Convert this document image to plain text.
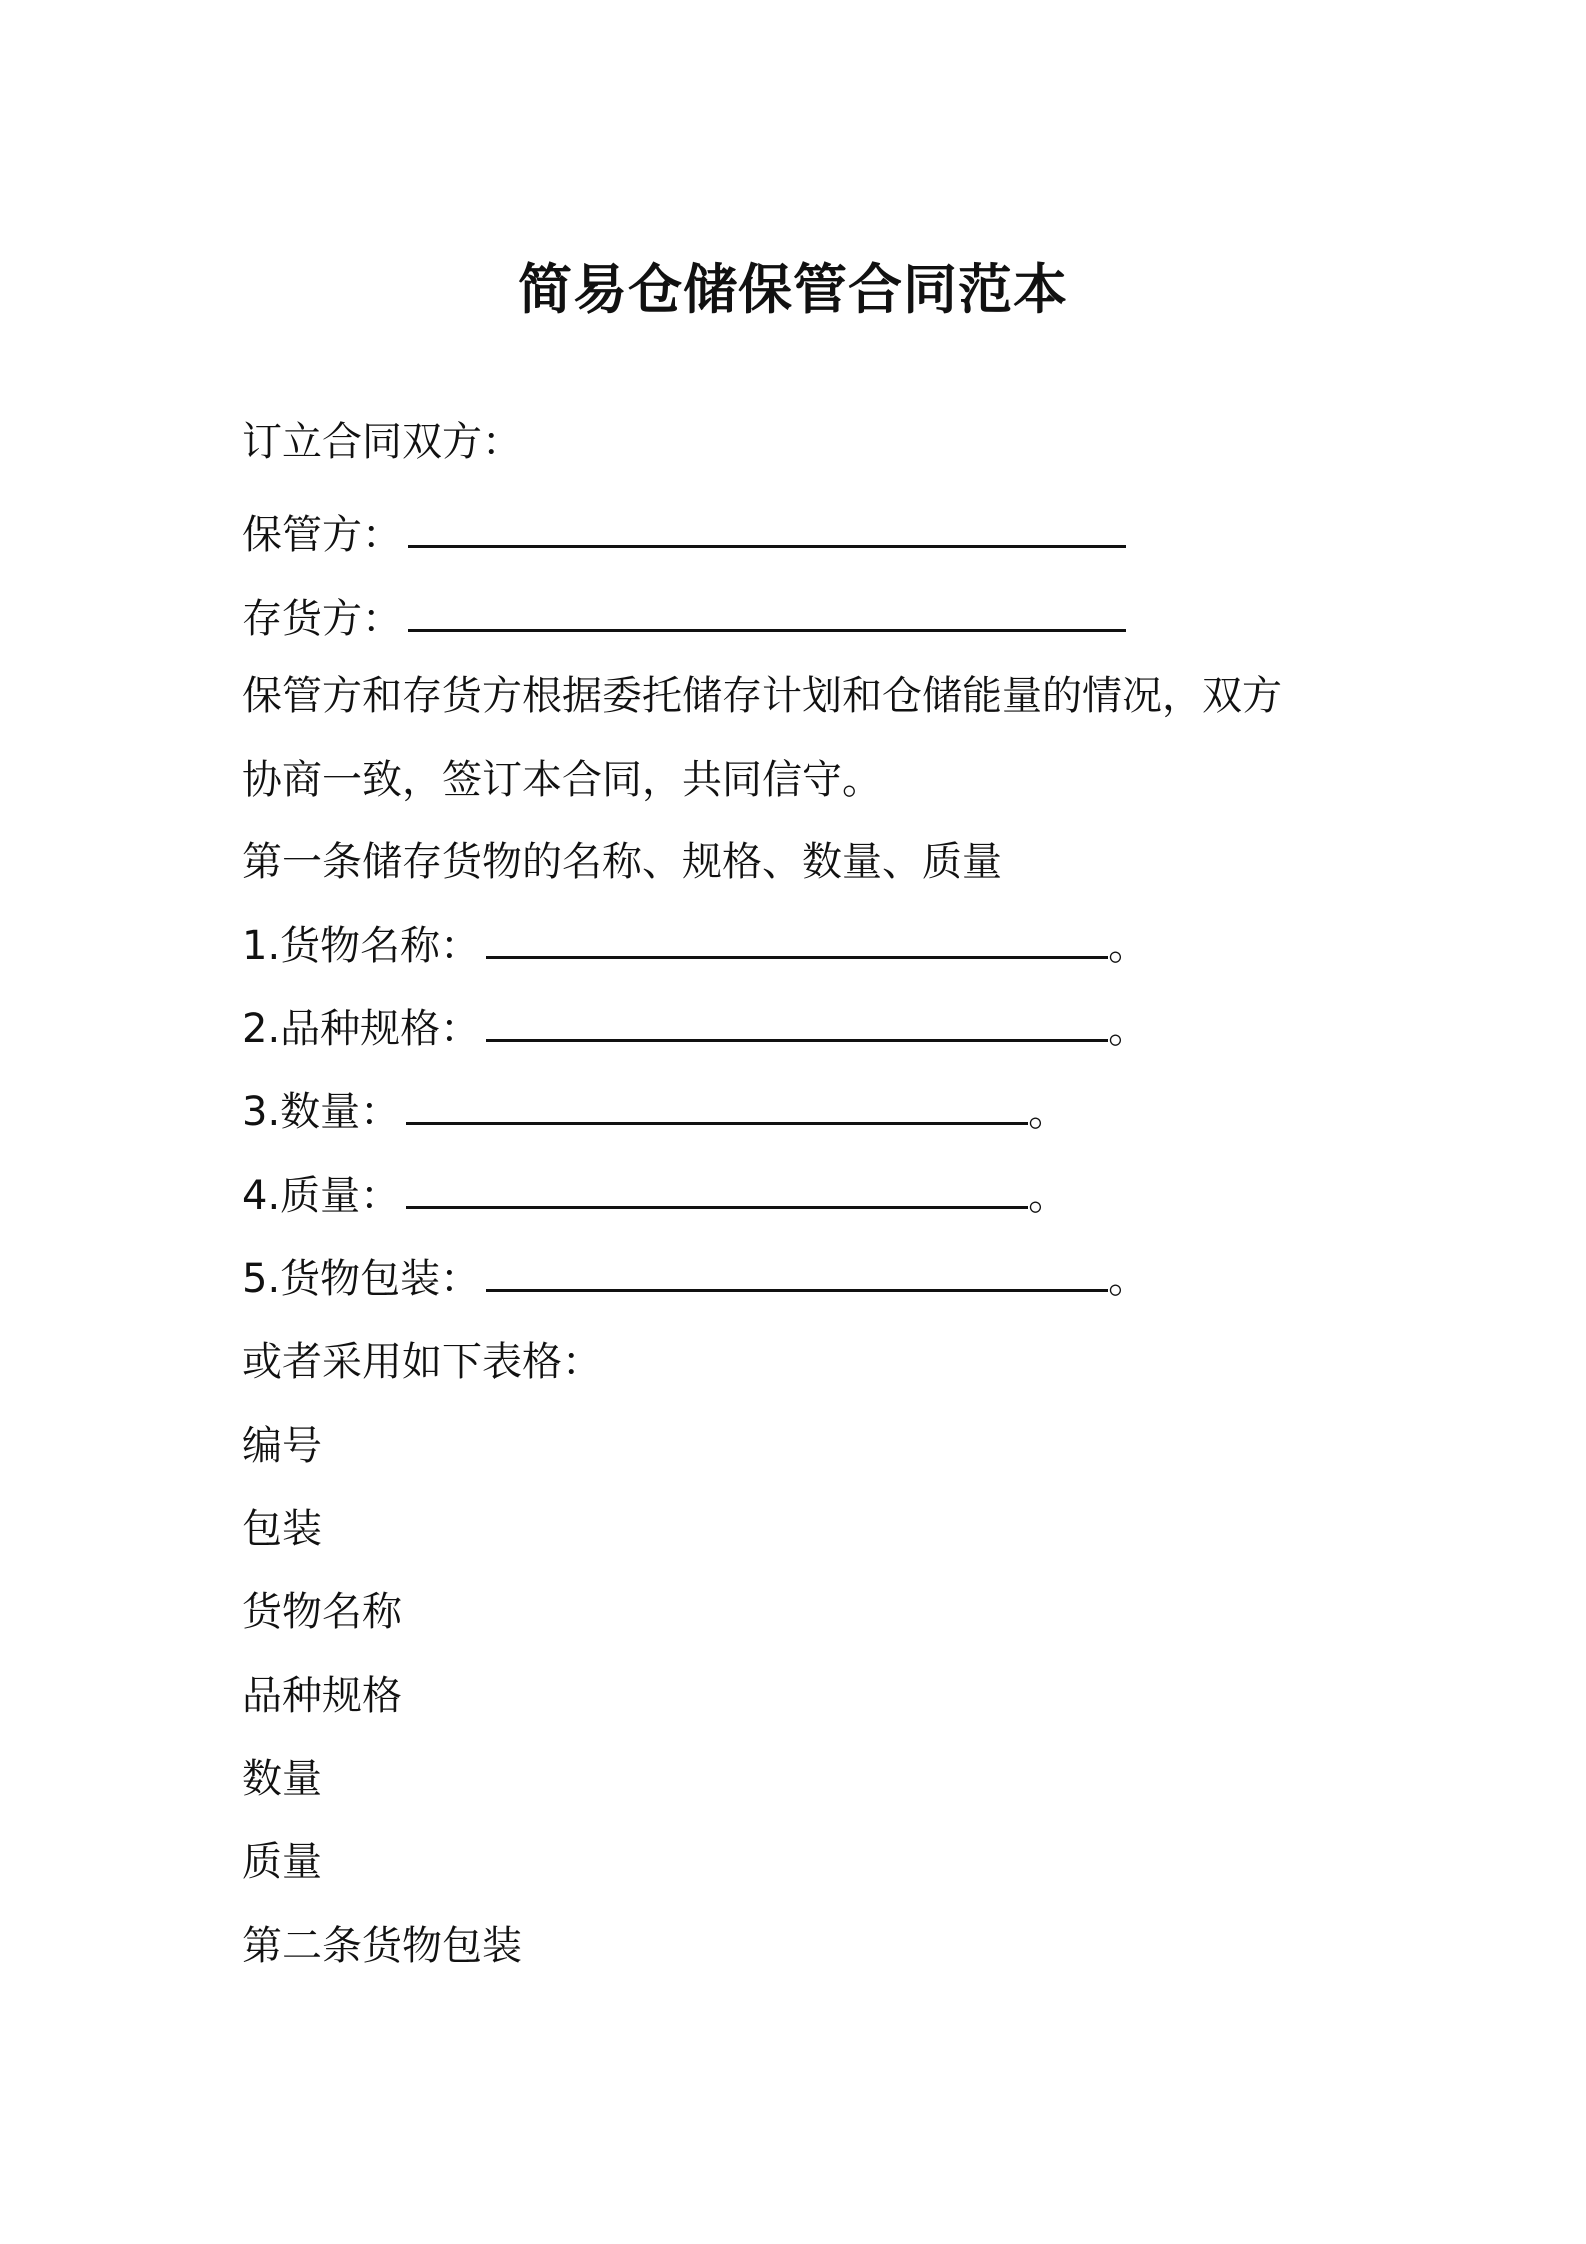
简易仓储保管合同范本
订立合同双方：
保管方：
存货方：
保管方和存货方根据委托储存计划和仓储能量的情况，双方
协商一致，签订本合同，共同信守。
第一条储存货物的名称、规格、数量、质量
1.货物名称：	。
2.品种规格：	。
3.数量：	。
4.质量：	。
5.货物包装：	。
或者采用如下表格：
编号
包装
货物名称
品种规格
数量
质量
第二条货物包装
